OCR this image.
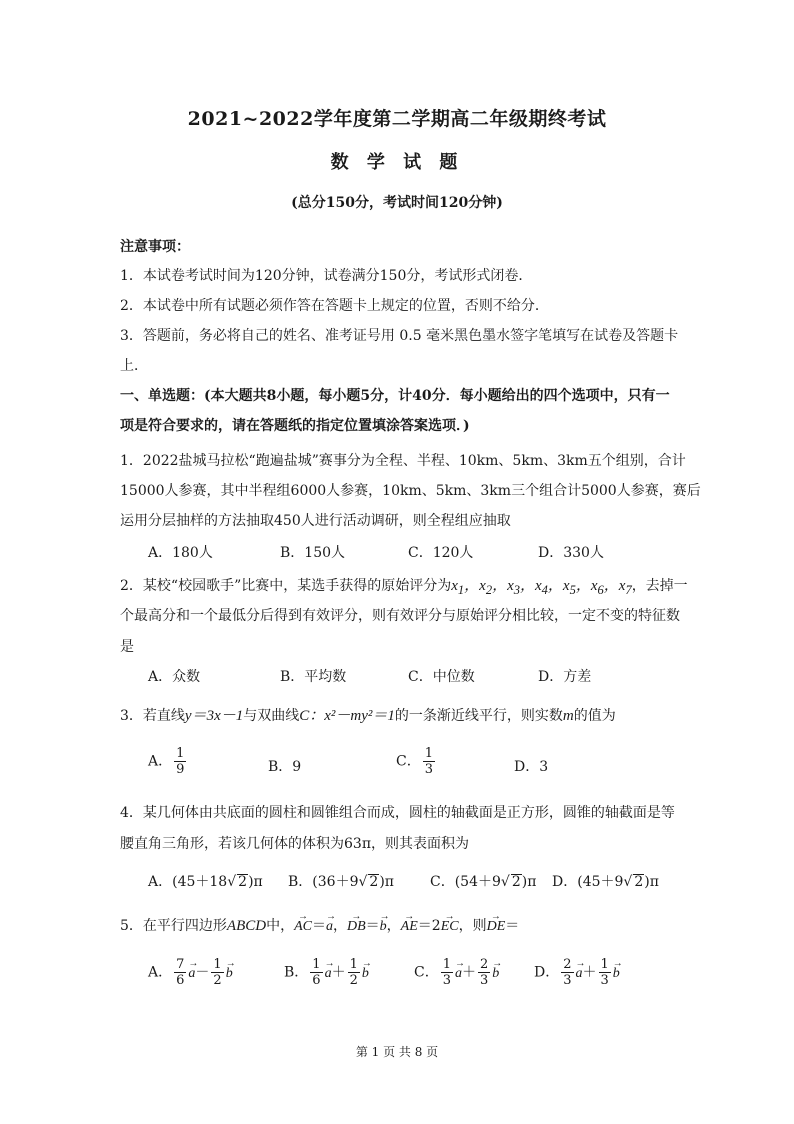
2021~2022学年度第二学期高二年级期终考试
数 学 试 题
(总分150分，考试时间120分钟)
注意事项：
1．本试卷考试时间为120分钟，试卷满分150分，考试形式闭卷．
2．本试卷中所有试题必须作答在答题卡上规定的位置，否则不给分．
3．答题前，务必将自己的姓名、准考证号用 0.5 毫米黑色墨水签字笔填写在试卷及答题卡
上．
一、单选题：(本大题共8小题，每小题5分，计40分．每小题给出的四个选项中，只有一
项是符合要求的，请在答题纸的指定位置填涂答案选项．)
1．2022盐城马拉松“跑遍盐城”赛事分为全程、半程、10km、5km、3km五个组别，合计
15000人参赛，其中半程组6000人参赛，10km、5km、3km三个组合计5000人参赛，赛后
运用分层抽样的方法抽取450人进行活动调研，则全程组应抽取
A．180人	B．150人	C．120人	D．330人
2．某校“校园歌手”比赛中，某选手获得的原始评分为$x_1$，$x_2$，$x_3$，$x_4$，$x_5$，$x_6$，$x_7$，去掉一
个最高分和一个最低分后得到有效评分，则有效评分与原始评分相比较，一定不变的特征数
是
A．众数	B．平均数	C．中位数	D．方差
3．若直线y＝3x－1与双曲线C：x²－my²＝1的一条渐近线平行，则实数m的值为
A． $\frac{1}{9}$	B．9	C． $\frac{1}{3}$	D．3
4．某几何体由共底面的圆柱和圆锥组合而成，圆柱的轴截面是正方形，圆锥的轴截面是等
腰直角三角形，若该几何体的体积为63π，则其表面积为
A．(45＋18√ 2)π B．(36＋9√ 2)π	C．(54＋9√ 2)π D．(45＋9√ 2)π
5．在平行四边形ABCD中，
→
AC＝
→
a，
→
DB＝
→
b，
→
AE＝2
→
EC，则
→
DE＝
A． $\frac{7}{6}$ →
$a- \frac{1}{2}$ →
b	B． $\frac{1}{6}$ →
$a+ \frac{1}{2}$ →
b	C． $\frac{1}{3}$ →
$a+ \frac{2}{3}$ →
b D． $\frac{2}{3}$ →
$a+ \frac{1}{3}$ →
b
第 1 页 共 8 页
